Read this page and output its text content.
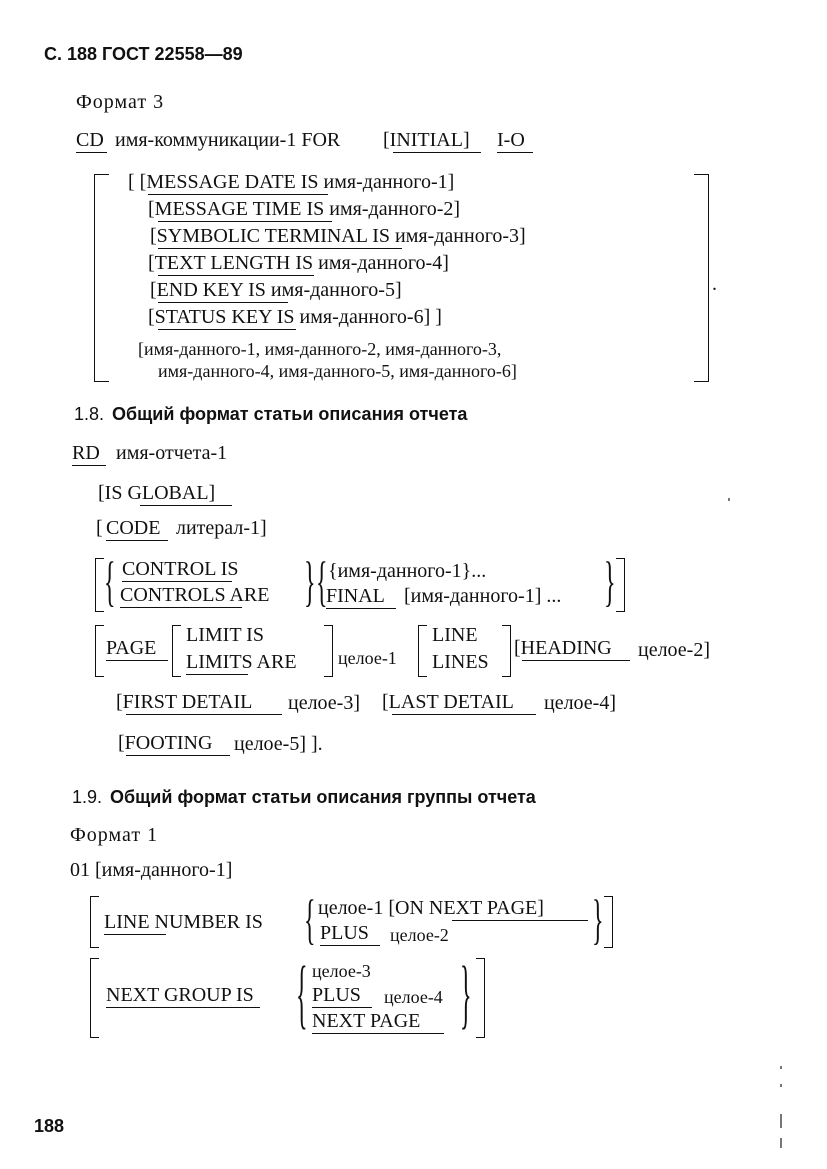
С. 188 ГОСТ 22558—89
Формат 3
CD имя-коммуникации-1 FOR [INITIAL] I-O
.
[ [MESSAGE DATE IS имя-данного-1]
[MESSAGE TIME IS имя-данного-2]
[SYMBOLIC TERMINAL IS имя-данного-3]
[TEXT LENGTH IS имя-данного-4]
[END KEY IS имя-данного-5]
[STATUS KEY IS имя-данного-6] ]
[имя-данного-1, имя-данного-2, имя-данного-3,
имя-данного-4, имя-данного-5, имя-данного-6]
1.8. Общий формат статьи описания отчета
RD имя-отчета-1
[IS GLOBAL]
[ CODE литерал-1]
{ CONTROL IS
CONTROLS ARE } { {имя-данного-1}...
FINAL [имя-данного-1] ... }
PAGE
LIMIT IS
LIMITS ARE целое-1
LINE
LINES
[HEADING целое-2]
[FIRST DETAIL целое-3] [LAST DETAIL целое-4]
[FOOTING целое-5] ].
1.9. Общий формат статьи описания группы отчета
Формат 1
01 [имя-данного-1]
LINE NUMBER IS { целое-1 [ON NEXT PAGE]
PLUS целое-2	}
NEXT GROUP IS { целое-3
PLUS целое-4
NEXT PAGE }
188
